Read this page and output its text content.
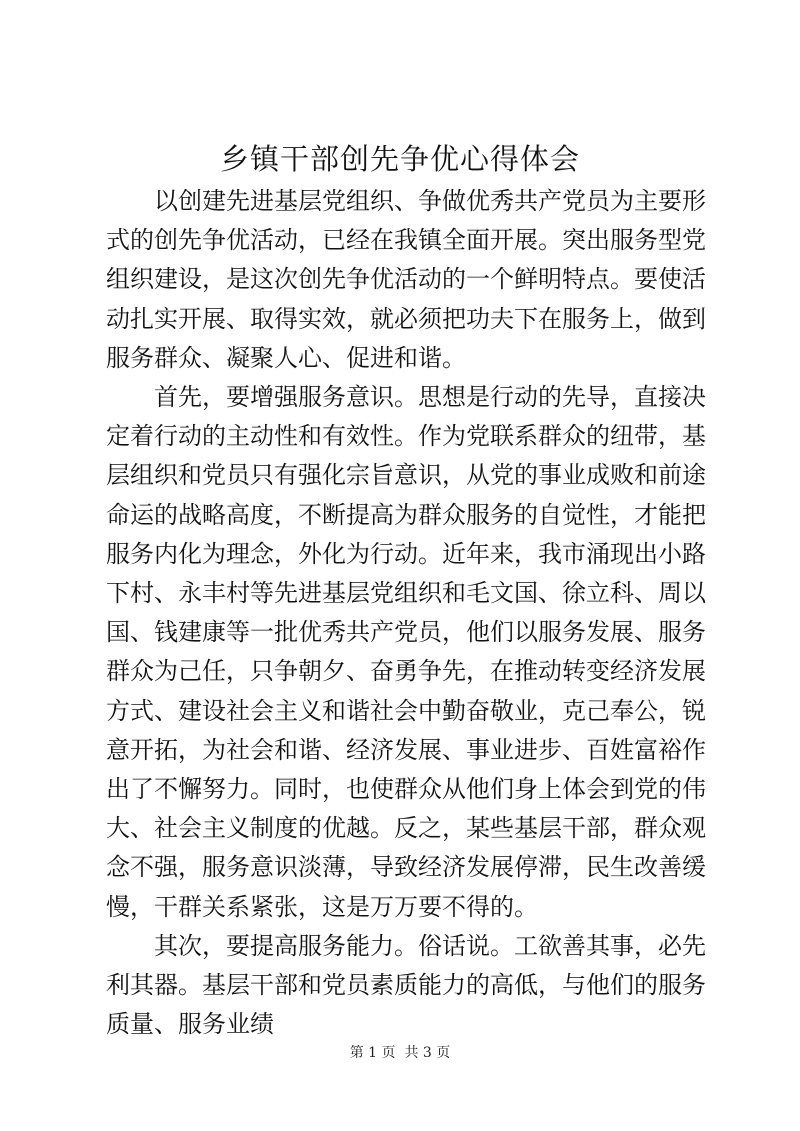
乡镇干部创先争优心得体会

以创建先进基层党组织、争做优秀共产党员为主要形式的创先争优活动，已经在我镇全面开展。突出服务型党组织建设，是这次创先争优活动的一个鲜明特点。要使活动扎实开展、取得实效，就必须把功夫下在服务上，做到服务群众、凝聚人心、促进和谐。

首先，要增强服务意识。思想是行动的先导，直接决定着行动的主动性和有效性。作为党联系群众的纽带，基层组织和党员只有强化宗旨意识，从党的事业成败和前途命运的战略高度，不断提高为群众服务的自觉性，才能把服务内化为理念，外化为行动。近年来，我市涌现出小路下村、永丰村等先进基层党组织和毛文国、徐立科、周以国、钱建康等一批优秀共产党员，他们以服务发展、服务群众为己任，只争朝夕、奋勇争先，在推动转变经济发展方式、建设社会主义和谐社会中勤奋敬业，克己奉公，锐意开拓，为社会和谐、经济发展、事业进步、百姓富裕作出了不懈努力。同时，也使群众从他们身上体会到党的伟大、社会主义制度的优越。反之，某些基层干部，群众观念不强，服务意识淡薄，导致经济发展停滞，民生改善缓慢，干群关系紧张，这是万万要不得的。

其次，要提高服务能力。俗话说。工欲善其事，必先利其器。基层干部和党员素质能力的高低，与他们的服务质量、服务业绩

第 1 页  共 3 页
